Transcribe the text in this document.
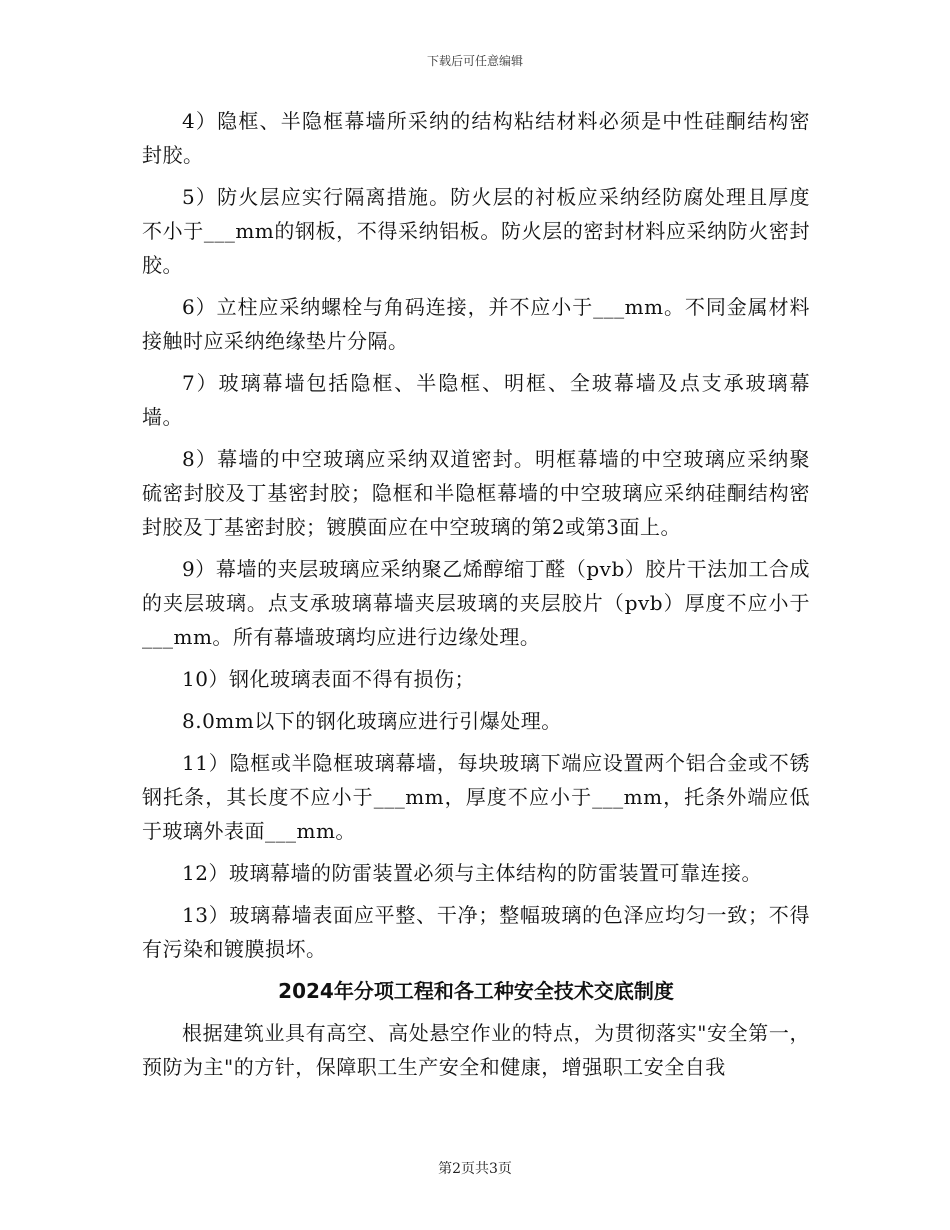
下载后可任意编辑

4）隐框、半隐框幕墙所采纳的结构粘结材料必须是中性硅酮结构密封胶。

5）防火层应实行隔离措施。防火层的衬板应采纳经防腐处理且厚度不小于___mm的钢板，不得采纳铝板。防火层的密封材料应采纳防火密封胶。

6）立柱应采纳螺栓与角码连接，并不应小于___mm。不同金属材料接触时应采纳绝缘垫片分隔。

7）玻璃幕墙包括隐框、半隐框、明框、全玻幕墙及点支承玻璃幕墙。

8）幕墙的中空玻璃应采纳双道密封。明框幕墙的中空玻璃应采纳聚硫密封胶及丁基密封胶；隐框和半隐框幕墙的中空玻璃应采纳硅酮结构密封胶及丁基密封胶；镀膜面应在中空玻璃的第2或第3面上。

9）幕墙的夹层玻璃应采纳聚乙烯醇缩丁醛（pvb）胶片干法加工合成的夹层玻璃。点支承玻璃幕墙夹层玻璃的夹层胶片（pvb）厚度不应小于___mm。所有幕墙玻璃均应进行边缘处理。

10）钢化玻璃表面不得有损伤；

8.0mm以下的钢化玻璃应进行引爆处理。

11）隐框或半隐框玻璃幕墙，每块玻璃下端应设置两个铝合金或不锈钢托条，其长度不应小于___mm，厚度不应小于___mm，托条外端应低于玻璃外表面___mm。

12）玻璃幕墙的防雷装置必须与主体结构的防雷装置可靠连接。

13）玻璃幕墙表面应平整、干净；整幅玻璃的色泽应均匀一致；不得有污染和镀膜损坏。

2024年分项工程和各工种安全技术交底制度

根据建筑业具有高空、高处悬空作业的特点，为贯彻落实"安全第一，预防为主"的方针，保障职工生产安全和健康，增强职工安全自我

第2页共3页
